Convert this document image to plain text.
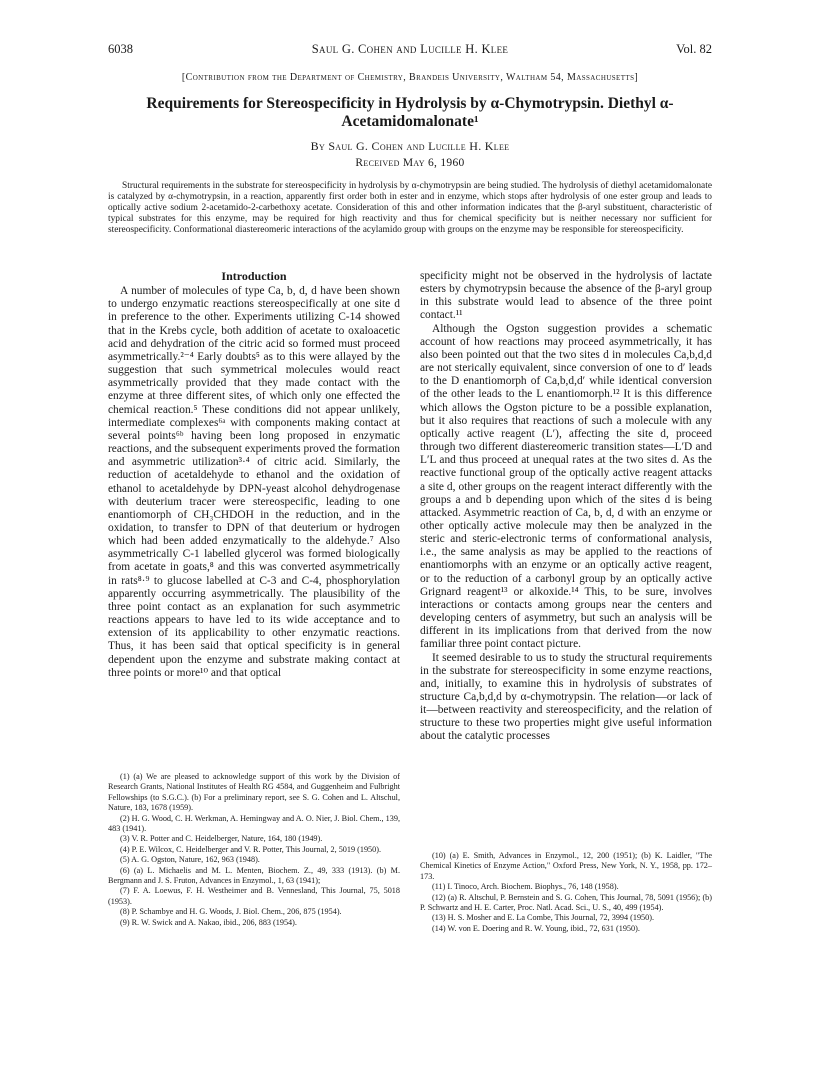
6038	Saul G. Cohen and Lucille H. Klee	Vol. 82
[Contribution from the Department of Chemistry, Brandeis University, Waltham 54, Massachusetts]
Requirements for Stereospecificity in Hydrolysis by α-Chymotrypsin. Diethyl α-Acetamidomalonate¹
By Saul G. Cohen and Lucille H. Klee
Received May 6, 1960

Structural requirements in the substrate for stereospecificity in hydrolysis by α-chymotrypsin are being studied. The hydrolysis of diethyl acetamidomalonate is catalyzed by α-chymotrypsin, in a reaction, apparently first order both in ester and in enzyme, which stops after hydrolysis of one ester group and leads to optically active sodium 2-acetamido-2-carbethoxy acetate. Consideration of this and other information indicates that the β-aryl substituent, characteristic of typical substrates for this enzyme, may be required for high reactivity and thus for chemical specificity but is neither necessary nor sufficient for stereospecificity. Conformational diastereomeric interactions of the acylamido group with groups on the enzyme may be responsible for stereospecificity.

Introduction

A number of molecules of type Ca, b, d, d have been shown to undergo enzymatic reactions stereospecifically at one site d in preference to the other. Experiments utilizing C-14 showed that in the Krebs cycle, both addition of acetate to oxaloacetic acid and dehydration of the citric acid so formed must proceed asymmetrically.²⁻⁴ Early doubts⁵ as to this were allayed by the suggestion that such symmetrical molecules would react asymmetrically provided that they made contact with the enzyme at three different sites, of which only one effected the chemical reaction.⁵ These conditions did not appear unlikely, intermediate complexes⁶ᵃ with components making contact at several points⁶ᵇ having been long proposed in enzymatic reactions, and the subsequent experiments proved the formation and asymmetric utilization³·⁴ of citric acid. Similarly, the reduction of acetaldehyde to ethanol and the oxidation of ethanol to acetaldehyde by DPN-yeast alcohol dehydrogenase with deuterium tracer were stereospecific, leading to one enantiomorph of CH₃CHDOH in the reduction, and in the oxidation, to transfer to DPN of that deuterium or hydrogen which had been added enzymatically to the aldehyde.⁷ Also asymmetrically C-1 labelled glycerol was formed biologically from acetate in goats,⁸ and this was converted asymmetrically in rats⁸·⁹ to glucose labelled at C-3 and C-4, phosphorylation apparently occurring asymmetrically. The plausibility of the three point contact as an explanation for such asymmetric reactions appears to have led to its wide acceptance and to extension of its applicability to other enzymatic reactions. Thus, it has been said that optical specificity is in general dependent upon the enzyme and substrate making contact at three points or more¹⁰ and that optical

specificity might not be observed in the hydrolysis of lactate esters by chymotrypsin because the absence of the β-aryl group in this substrate would lead to absence of the three point contact.¹¹

Although the Ogston suggestion provides a schematic account of how reactions may proceed asymmetrically, it has also been pointed out that the two sites d in molecules Ca,b,d,d are not sterically equivalent, since conversion of one to d′ leads to the D enantiomorph of Ca,b,d,d′ while identical conversion of the other leads to the L enantiomorph.¹² It is this difference which allows the Ogston picture to be a possible explanation, but it also requires that reactions of such a molecule with any optically active reagent (L′), affecting the site d, proceed through two different diastereomeric transition states—L′D and L′L and thus proceed at unequal rates at the two sites d. As the reactive functional group of the optically active reagent attacks a site d, other groups on the reagent interact differently with the groups a and b depending upon which of the sites d is being attacked. Asymmetric reaction of Ca, b, d, d with an enzyme or other optically active molecule may then be analyzed in the steric and steric-electronic terms of conformational analysis, i.e., the same analysis as may be applied to the reactions of enantiomorphs with an enzyme or an optically active reagent, or to the reduction of a carbonyl group by an optically active Grignard reagent¹³ or alkoxide.¹⁴ This, to be sure, involves interactions or contacts among groups near the centers and developing centers of asymmetry, but such an analysis will be different in its implications from that derived from the now familiar three point contact picture.

It seemed desirable to us to study the structural requirements in the substrate for stereospecificity in some enzyme reactions, and, initially, to examine this in hydrolysis of substrates of structure Ca,b,d,d by α-chymotrypsin. The relation—or lack of it—between reactivity and stereospecificity, and the relation of structure to these two properties might give useful information about the catalytic processes

(1) (a) We are pleased to acknowledge support of this work by the Division of Research Grants, National Institutes of Health RG 4584, and Guggenheim and Fulbright Fellowships (to S.G.C.). (b) For a preliminary report, see S. G. Cohen and L. Altschul, Nature, 183, 1678 (1959).

(2) H. G. Wood, C. H. Werkman, A. Hemingway and A. O. Nier, J. Biol. Chem., 139, 483 (1941).

(3) V. R. Potter and C. Heidelberger, Nature, 164, 180 (1949).

(4) P. E. Wilcox, C. Heidelberger and V. R. Potter, This Journal, 2, 5019 (1950).

(5) A. G. Ogston, Nature, 162, 963 (1948).

(6) (a) L. Michaelis and M. L. Menten, Biochem. Z., 49, 333 (1913). (b) M. Bergmann and J. S. Fruton, Advances in Enzymol., 1, 63 (1941);

(7) F. A. Loewus, F. H. Westheimer and B. Vennesland, This Journal, 75, 5018 (1953).

(8) P. Schambye and H. G. Woods, J. Biol. Chem., 206, 875 (1954).

(9) R. W. Swick and A. Nakao, ibid., 206, 883 (1954).

(10) (a) E. Smith, Advances in Enzymol., 12, 200 (1951); (b) K. Laidler, "The Chemical Kinetics of Enzyme Action," Oxford Press, New York, N. Y., 1958, pp. 172–173.

(11) I. Tinoco, Arch. Biochem. Biophys., 76, 148 (1958).

(12) (a) R. Altschul, P. Bernstein and S. G. Cohen, This Journal, 78, 5091 (1956); (b) P. Schwartz and H. E. Carter, Proc. Natl. Acad. Sci., U. S., 40, 499 (1954).

(13) H. S. Mosher and E. La Combe, This Journal, 72, 3994 (1950).

(14) W. von E. Doering and R. W. Young, ibid., 72, 631 (1950).
